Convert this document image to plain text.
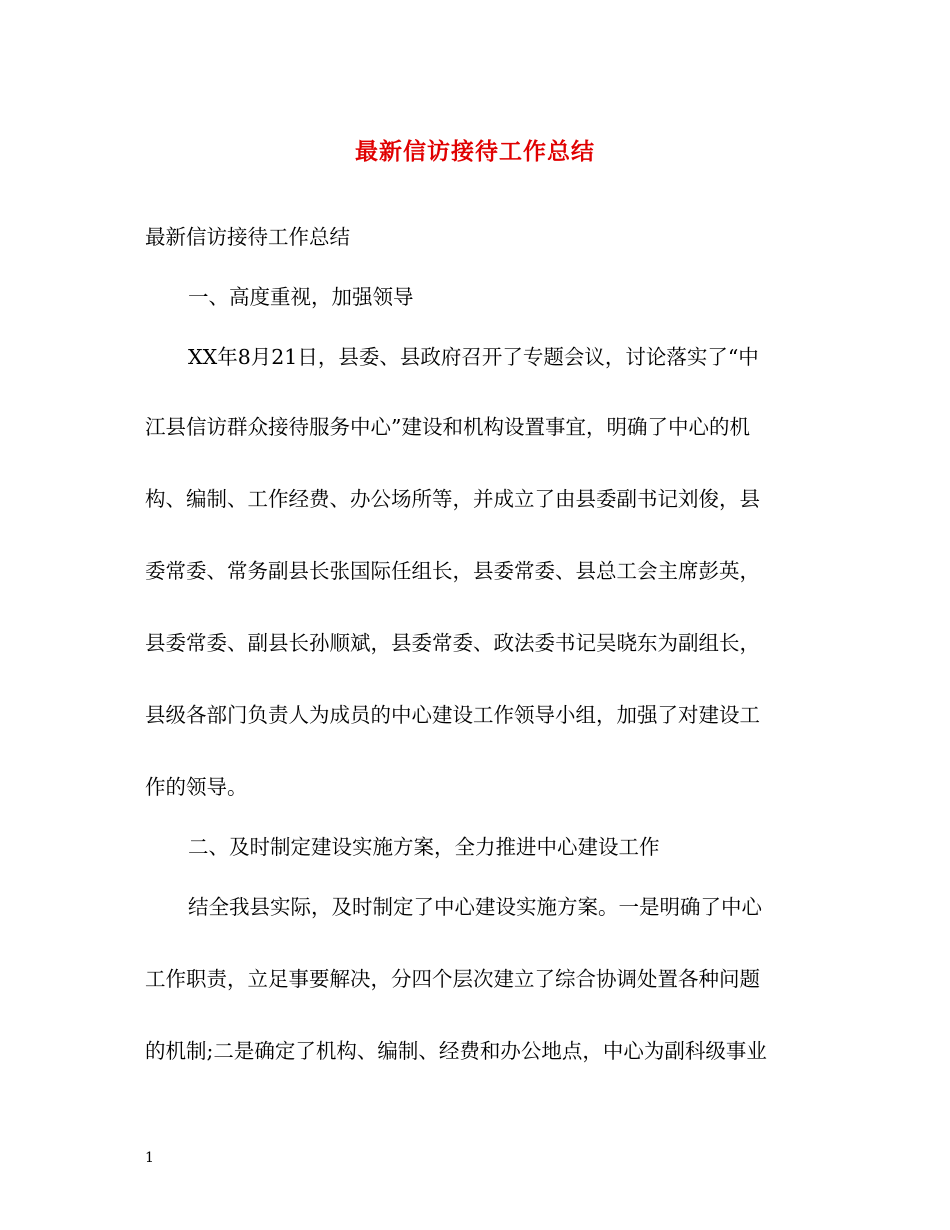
最新信访接待工作总结
最新信访接待工作总结
一、高度重视，加强领导
XX年8月21日，县委、县政府召开了专题会议，讨论落实了“中
江县信访群众接待服务中心”建设和机构设置事宜，明确了中心的机
构、编制、工作经费、办公场所等，并成立了由县委副书记刘俊，县
委常委、常务副县长张国际任组长，县委常委、县总工会主席彭英，
县委常委、副县长孙顺斌，县委常委、政法委书记吴晓东为副组长，
县级各部门负责人为成员的中心建设工作领导小组，加强了对建设工
作的领导。
二、及时制定建设实施方案，全力推进中心建设工作
结全我县实际，及时制定了中心建设实施方案。一是明确了中心
工作职责，立足事要解决，分四个层次建立了综合协调处置各种问题
的机制;二是确定了机构、编制、经费和办公地点，中心为副科级事业
1
